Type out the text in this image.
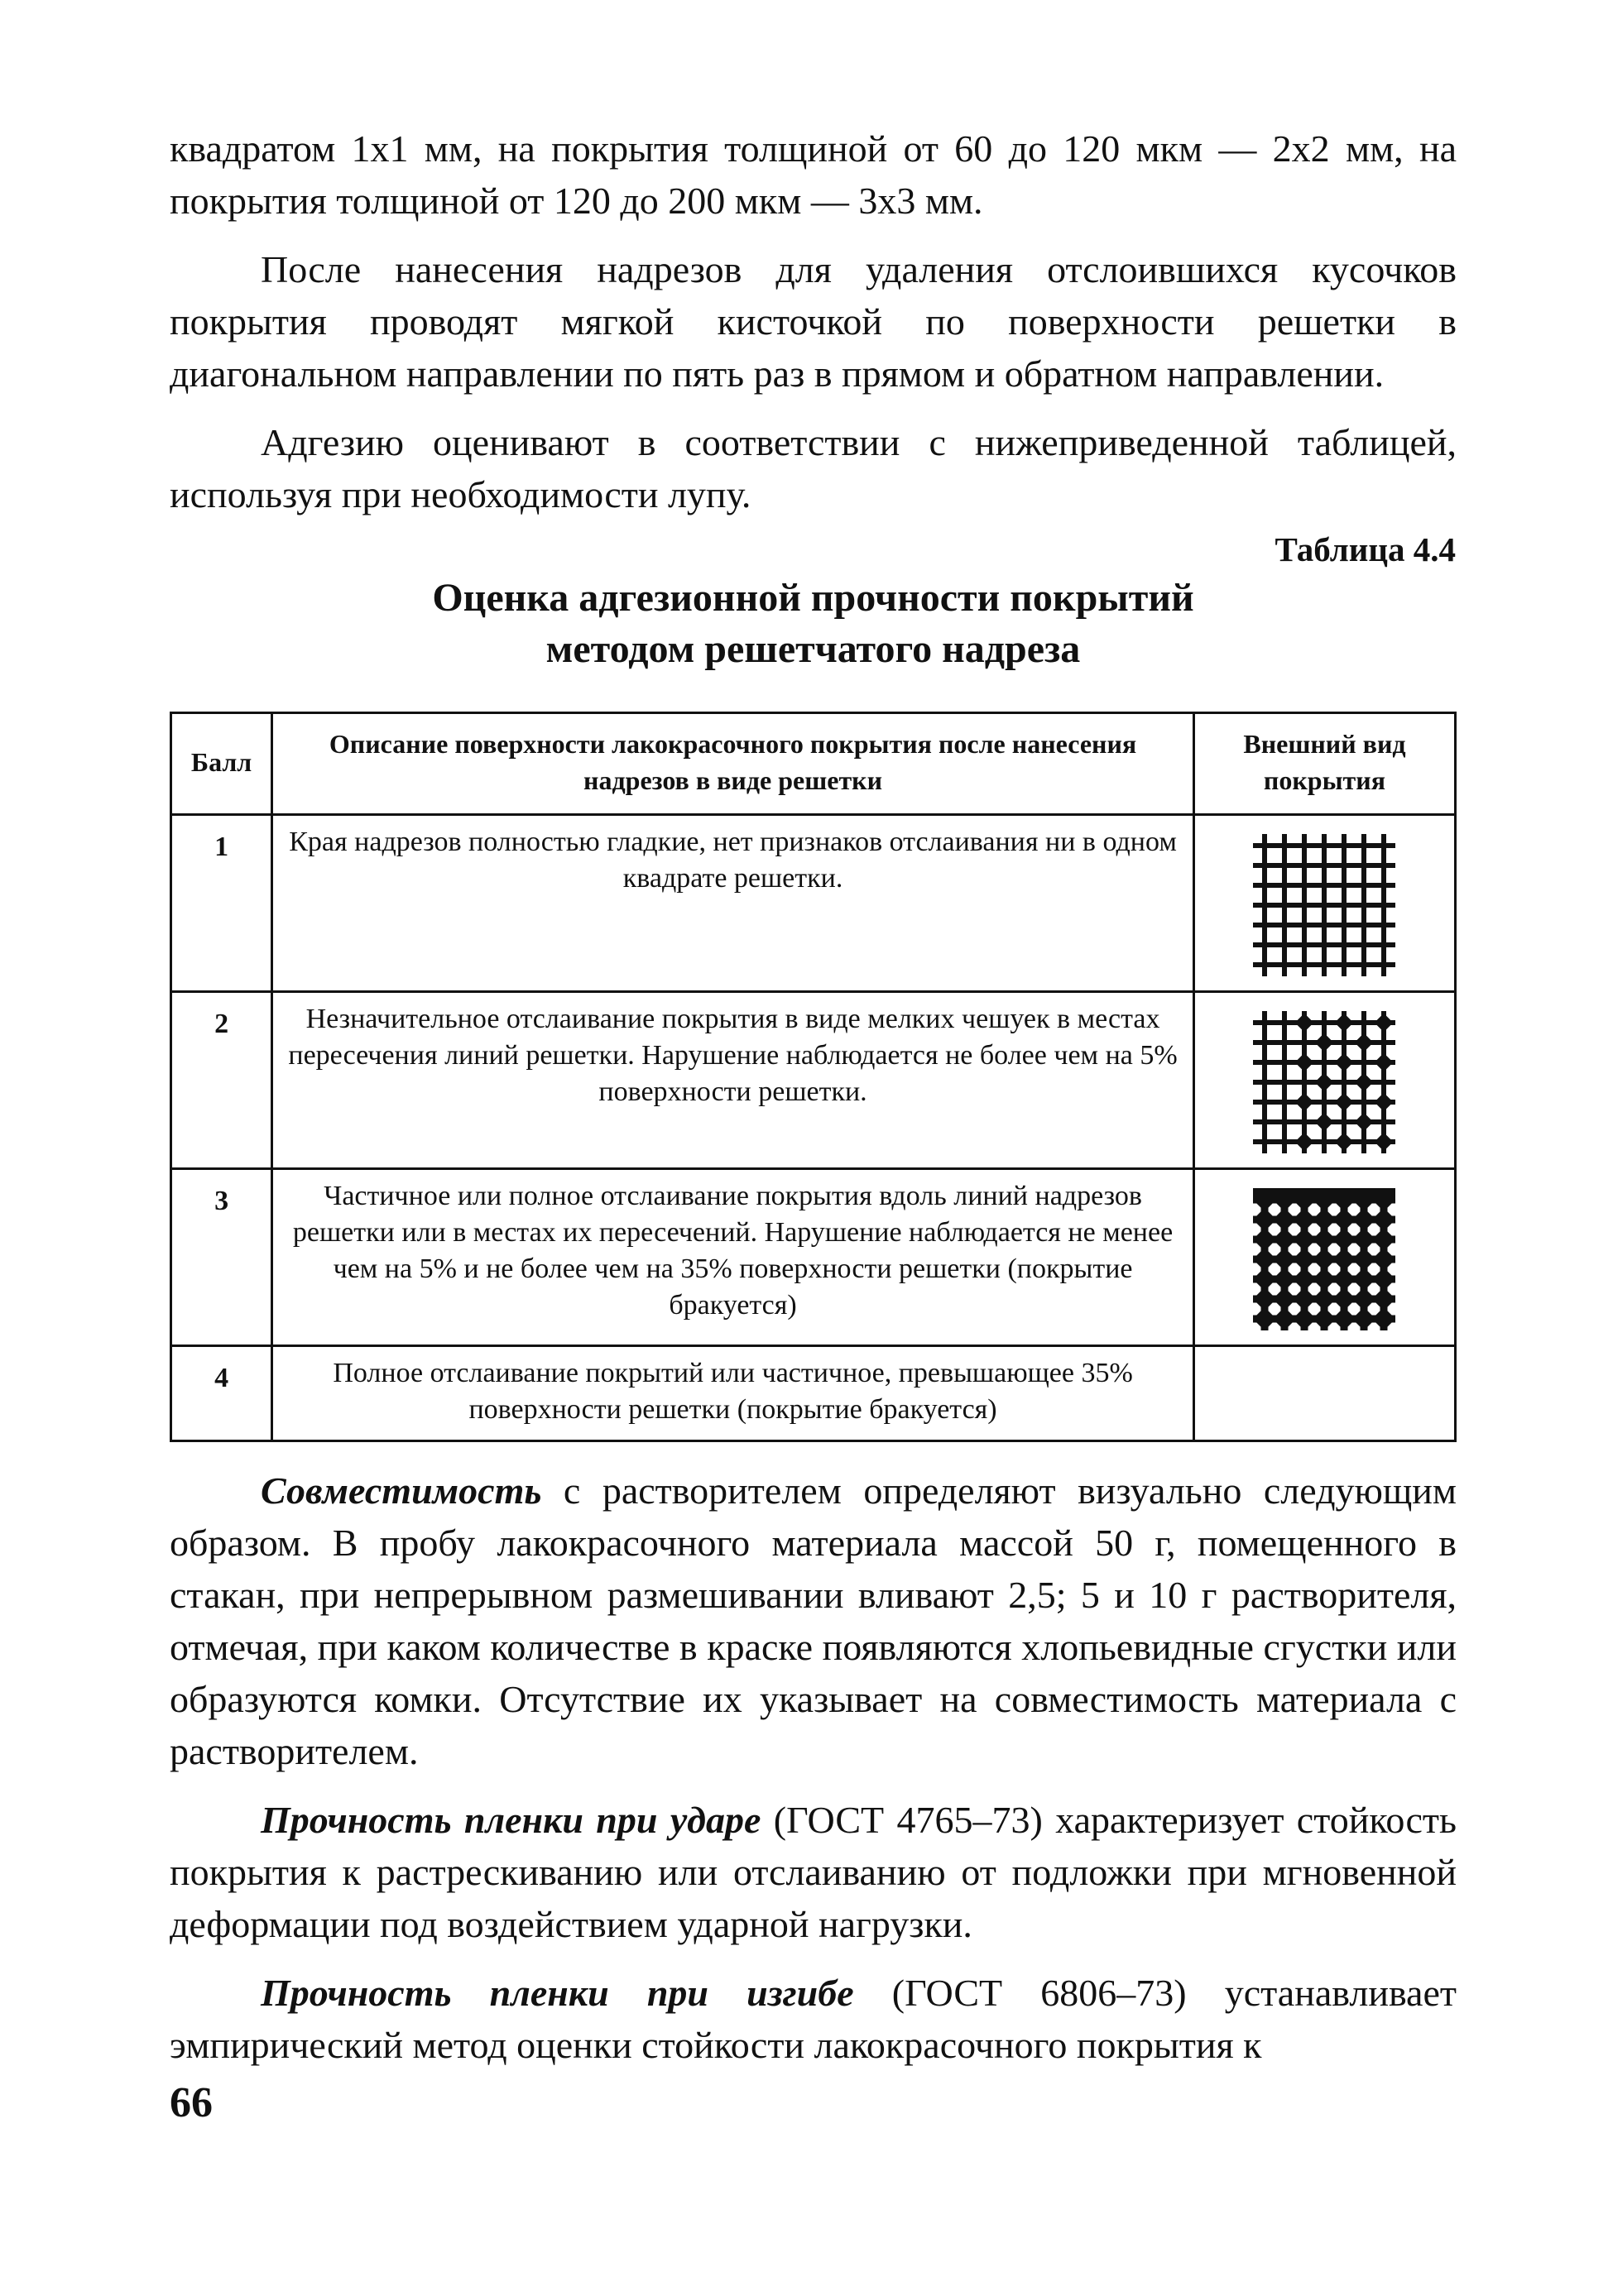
квадратом 1х1 мм, на покрытия толщиной от 60 до 120 мкм — 2х2 мм, на покрытия толщиной от 120 до 200 мкм — 3х3 мм.

После нанесения надрезов для удаления отслоившихся кусочков покрытия проводят мягкой кисточкой по поверхности решетки в диагональном направлении по пять раз в прямом и обратном направлении.

Адгезию оценивают в соответствии с нижеприведенной таблицей, используя при необходимости лупу.

Таблица 4.4
Оценка адгезионной прочности покрытий
методом решетчатого надреза
Балл	Описание поверхности лакокрасочного покрытия после нанесения надрезов в виде решетки	Внешний вид покрытия
1	Края надрезов полностью гладкие, нет признаков отслаивания ни в одном квадрате решетки.	
2	Незначительное отслаивание покрытия в виде мелких чешуек в местах пересечения линий решетки. Нарушение наблюдается не более чем на 5% поверхности решетки.	
3	Частичное или полное отслаивание покрытия вдоль линий надрезов решетки или в местах их пересечений. Нарушение наблюдается не менее чем на 5% и не более чем на 35% поверхности решетки (покрытие бракуется)	
4	Полное отслаивание покрытий или частичное, превышающее 35% поверхности решетки (покрытие бракуется)	

Совместимость с растворителем определяют визуально следующим образом. В пробу лакокрасочного материала массой 50 г, помещенного в стакан, при непрерывном размешивании вливают 2,5; 5 и 10 г растворителя, отмечая, при каком количестве в краске появляются хлопьевидные сгустки или образуются комки. Отсутствие их указывает на совместимость материала с растворителем.

Прочность пленки при ударе (ГОСТ 4765–73) характеризует стойкость покрытия к растрескиванию или отслаиванию от подложки при мгновенной деформации под воздействием ударной нагрузки.

Прочность пленки при изгибе (ГОСТ 6806–73) устанавливает эмпирический метод оценки стойкости лакокрасочного покрытия к

66
